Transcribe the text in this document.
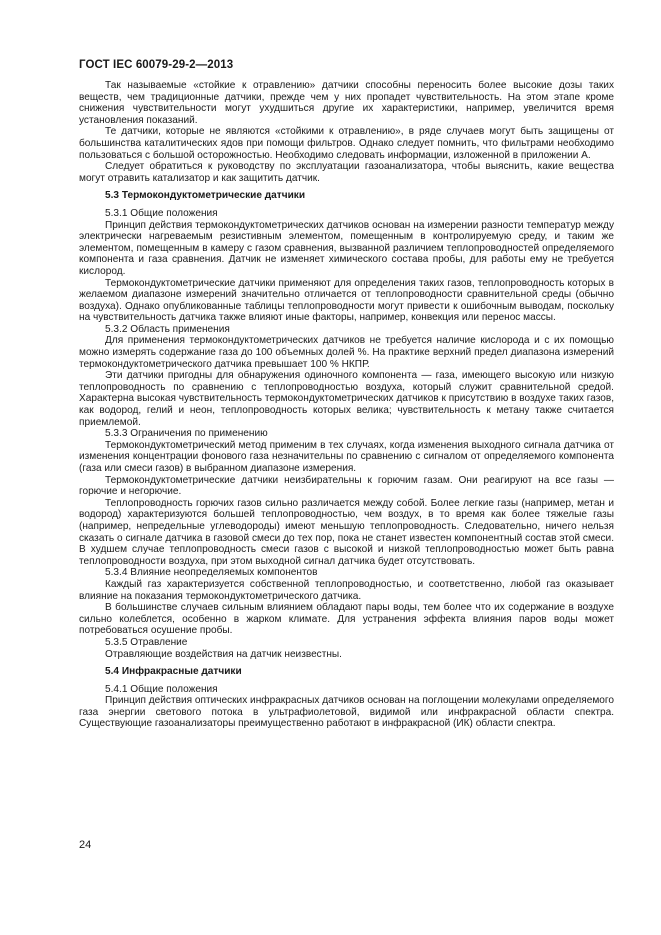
ГОСТ IEC 60079-29-2—2013

Так называемые «стойкие к отравлению» датчики способны переносить более высокие дозы таких веществ, чем традиционные датчики, прежде чем у них пропадет чувствительность. На этом этапе кроме снижения чувствительности могут ухудшиться другие их характеристики, например, увеличится время установления показаний.

Те датчики, которые не являются «стойкими к отравлению», в ряде случаев могут быть защищены от большинства каталитических ядов при помощи фильтров. Однако следует помнить, что фильтрами необходимо пользоваться с большой осторожностью. Необходимо следовать информации, изложенной в приложении А.

Следует обратиться к руководству по эксплуатации газоанализатора, чтобы выяснить, какие вещества могут отравить катализатор и как защитить датчик.

5.3 Термокондуктометрические датчики

5.3.1 Общие положения

Принцип действия термокондуктометрических датчиков основан на измерении разности температур между электрически нагреваемым резистивным элементом, помещенным в контролируемую среду, и таким же элементом, помещенным в камеру с газом сравнения, вызванной различием теплопроводностей определяемого компонента и газа сравнения. Датчик не изменяет химического состава пробы, для работы ему не требуется кислород.

Термокондуктометрические датчики применяют для определения таких газов, теплопроводность которых в желаемом диапазоне измерений значительно отличается от теплопроводности сравнительной среды (обычно воздуха). Однако опубликованные таблицы теплопроводности могут привести к ошибочным выводам, поскольку на чувствительность датчика также влияют иные факторы, например, конвекция или перенос массы.

5.3.2 Область применения

Для применения термокондуктометрических датчиков не требуется наличие кислорода и с их помощью можно измерять содержание газа до 100 объемных долей %. На практике верхний предел диапазона измерений термокондуктометрического датчика превышает 100 % НКПР.

Эти датчики пригодны для обнаружения одиночного компонента — газа, имеющего высокую или низкую теплопроводность по сравнению с теплопроводностью воздуха, который служит сравнительной средой. Характерна высокая чувствительность термокондуктометрических датчиков к присутствию в воздухе таких газов, как водород, гелий и неон, теплопроводность которых велика; чувствительность к метану также считается приемлемой.

5.3.3 Ограничения по применению

Термокондуктометрический метод применим в тех случаях, когда изменения выходного сигнала датчика от изменения концентрации фонового газа незначительны по сравнению с сигналом от определяемого компонента (газа или смеси газов) в выбранном диапазоне измерения.

Термокондуктометрические датчики неизбирательны к горючим газам. Они реагируют на все газы — горючие и негорючие.

Теплопроводность горючих газов сильно различается между собой. Более легкие газы (например, метан и водород) характеризуются большей теплопроводностью, чем воздух, в то время как более тяжелые газы (например, непредельные углеводороды) имеют меньшую теплопроводность. Следовательно, ничего нельзя сказать о сигнале датчика в газовой смеси до тех пор, пока не станет известен компонентный состав этой смеси. В худшем случае теплопроводность смеси газов с высокой и низкой теплопроводностью может быть равна теплопроводности воздуха, при этом выходной сигнал датчика будет отсутствовать.

5.3.4 Влияние неопределяемых компонентов

Каждый газ характеризуется собственной теплопроводностью, и соответственно, любой газ оказывает влияние на показания термокондуктометрического датчика.

В большинстве случаев сильным влиянием обладают пары воды, тем более что их содержание в воздухе сильно колеблется, особенно в жарком климате. Для устранения эффекта влияния паров воды может потребоваться осушение пробы.

5.3.5 Отравление

Отравляющие воздействия на датчик неизвестны.

5.4 Инфракрасные датчики

5.4.1 Общие положения

Принцип действия оптических инфракрасных датчиков основан на поглощении молекулами определяемого газа энергии светового потока в ультрафиолетовой, видимой или инфракрасной области спектра. Существующие газоанализаторы преимущественно работают в инфракрасной (ИК) области спектра.

24
